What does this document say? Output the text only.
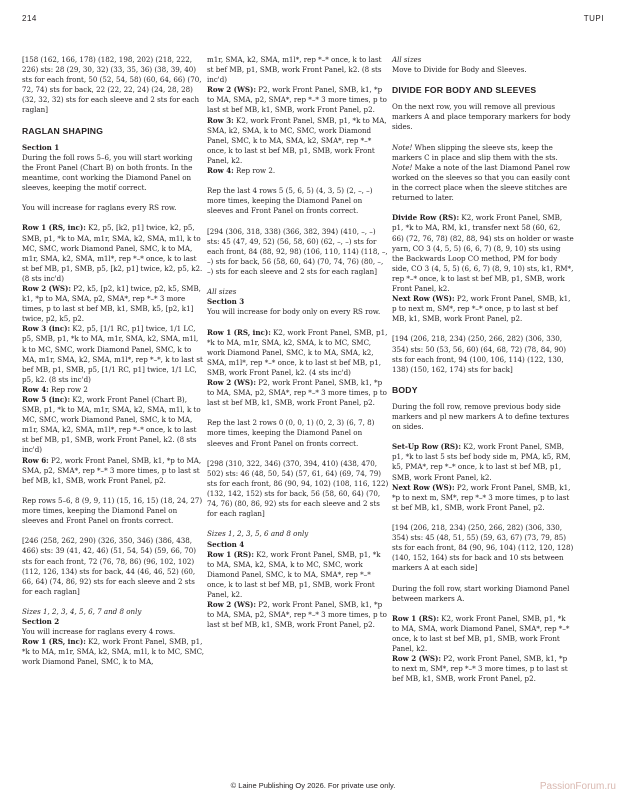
214	TUPI

[158 (162, 166, 178) (182, 198, 202) (218, 222, 226) sts: 28 (29, 30, 32) (33, 35, 36) (38, 39, 40) sts for each front, 50 (52, 54, 58) (60, 64, 66) (70, 72, 74) sts for back, 22 (22, 22, 24) (24, 28, 28) (32, 32, 32) sts for each sleeve and 2 sts for each raglan]

RAGLAN SHAPING
Section 1

During the foll rows 5–6, you will start working the Front Panel (Chart B) on both fronts. In the meantime, cont working the Diamond Panel on sleeves, keeping the motif correct.

You will increase for raglans every RS row.

Row 1 (RS, inc): K2, p5, [k2, p1] twice, k2, p5, SMB, p1, *k to MA, m1r, SMA, k2, SMA, m1l, k to MC, SMC, work Diamond Panel, SMC, k to MA, m1r, SMA, k2, SMA, m1l*, rep *–* once, k to last st bef MB, p1, SMB, p5, [k2, p1] twice, k2, p5, k2. (8 sts inc'd)

Row 2 (WS): P2, k5, [p2, k1] twice, p2, k5, SMB, k1, *p to MA, SMA, p2, SMA*, rep *–* 3 more times, p to last st bef MB, k1, SMB, k5, [p2, k1] twice, p2, k5, p2.

Row 3 (inc): K2, p5, [1/1 RC, p1] twice, 1/1 LC, p5, SMB, p1, *k to MA, m1r, SMA, k2, SMA, m1l, k to MC, SMC, work Diamond Panel, SMC, k to MA, m1r, SMA, k2, SMA, m1l*, rep *–*, k to last st bef MB, p1, SMB, p5, [1/1 RC, p1] twice, 1/1 LC, p5, k2. (8 sts inc'd)

Row 4: Rep row 2

Row 5 (inc): K2, work Front Panel (Chart B), SMB, p1, *k to MA, m1r, SMA, k2, SMA, m1l, k to MC, SMC, work Diamond Panel, SMC, k to MA, m1r, SMA, k2, SMA, m1l*, rep *–* once, k to last st bef MB, p1, SMB, work Front Panel, k2. (8 sts inc'd)

Row 6: P2, work Front Panel, SMB, k1, *p to MA, SMA, p2, SMA*, rep *–* 3 more times, p to last st bef MB, k1, SMB, work Front Panel, p2.

Rep rows 5–6, 8 (9, 9, 11) (15, 16, 15) (18, 24, 27) more times, keeping the Diamond Panel on sleeves and Front Panel on fronts correct.

[246 (258, 262, 290) (326, 350, 346) (386, 438, 466) sts: 39 (41, 42, 46) (51, 54, 54) (59, 66, 70) sts for each front, 72 (76, 78, 86) (96, 102, 102) (112, 126, 134) sts for back, 44 (46, 46, 52) (60, 66, 64) (74, 86, 92) sts for each sleeve and 2 sts for each raglan]

Sizes 1, 2, 3, 4, 5, 6, 7 and 8 only
Section 2

You will increase for raglans every 4 rows.

Row 1 (RS, inc): K2, work Front Panel, SMB, p1, *k to MA, m1r, SMA, k2, SMA, m1l, k to MC, SMC, work Diamond Panel, SMC, k to MA,

m1r, SMA, k2, SMA, m1l*, rep *–* once, k to last st bef MB, p1, SMB, work Front Panel, k2. (8 sts inc'd)

Row 2 (WS): P2, work Front Panel, SMB, k1, *p to MA, SMA, p2, SMA*, rep *–* 3 more times, p to last st bef MB, k1, SMB, work Front Panel, p2.

Row 3: K2, work Front Panel, SMB, p1, *k to MA, SMA, k2, SMA, k to MC, SMC, work Diamond Panel, SMC, k to MA, SMA, k2, SMA*, rep *–* once, k to last st bef MB, p1, SMB, work Front Panel, k2.

Row 4: Rep row 2.

Rep the last 4 rows 5 (5, 6, 5) (4, 3, 5) (2, –, –) more times, keeping the Diamond Panel on sleeves and Front Panel on fronts correct.

[294 (306, 318, 338) (366, 382, 394) (410, –, –) sts: 45 (47, 49, 52) (56, 58, 60) (62, –, –) sts for each front, 84 (88, 92, 98) (106, 110, 114) (118, –, –) sts for back, 56 (58, 60, 64) (70, 74, 76) (80, –, –) sts for each sleeve and 2 sts for each raglan]

All sizes
Section 3

You will increase for body only on every RS row.

Row 1 (RS, inc): K2, work Front Panel, SMB, p1, *k to MA, m1r, SMA, k2, SMA, k to MC, SMC, work Diamond Panel, SMC, k to MA, SMA, k2, SMA, m1l*, rep *–* once, k to last st bef MB, p1, SMB, work Front Panel, k2. (4 sts inc'd)

Row 2 (WS): P2, work Front Panel, SMB, k1, *p to MA, SMA, p2, SMA*, rep *–* 3 more times, p to last st bef MB, k1, SMB, work Front Panel, p2.

Rep the last 2 rows 0 (0, 0, 1) (0, 2, 3) (6, 7, 8) more times, keeping the Diamond Panel on sleeves and Front Panel on fronts correct.

[298 (310, 322, 346) (370, 394, 410) (438, 470, 502) sts: 46 (48, 50, 54) (57, 61, 64) (69, 74, 79) sts for each front, 86 (90, 94, 102) (108, 116, 122) (132, 142, 152) sts for back, 56 (58, 60, 64) (70, 74, 76) (80, 86, 92) sts for each sleeve and 2 sts for each raglan]

Sizes 1, 2, 3, 5, 6 and 8 only
Section 4

Row 1 (RS): K2, work Front Panel, SMB, p1, *k to MA, SMA, k2, SMA, k to MC, SMC, work Diamond Panel, SMC, k to MA, SMA*, rep *–* once, k to last st bef MB, p1, SMB, work Front Panel, k2.

Row 2 (WS): P2, work Front Panel, SMB, k1, *p to MA, SMA, p2, SMA*, rep *–* 3 more times, p to last st bef MB, k1, SMB, work Front Panel, p2.

All sizes

Move to Divide for Body and Sleeves.

DIVIDE FOR BODY AND SLEEVES

On the next row, you will remove all previous markers A and place temporary markers for body sides.

Note! When slipping the sleeve sts, keep the markers C in place and slip them with the sts.

Note! Make a note of the last Diamond Panel row worked on the sleeves so that you can easily cont in the correct place when the sleeve stitches are returned to later.

Divide Row (RS): K2, work Front Panel, SMB, p1, *k to MA, RM, k1, transfer next 58 (60, 62, 66) (72, 76, 78) (82, 88, 94) sts on holder or waste yarn, CO 3 (4, 5, 5) (6, 6, 7) (8, 9, 10) sts using the Backwards Loop CO method, PM for body side, CO 3 (4, 5, 5) (6, 6, 7) (8, 9, 10) sts, k1, RM*, rep *–* once, k to last st bef MB, p1, SMB, work Front Panel, k2.

Next Row (WS): P2, work Front Panel, SMB, k1, p to next m, SM*, rep *–* once, p to last st bef MB, k1, SMB, work Front Panel, p2.

[194 (206, 218, 234) (250, 266, 282) (306, 330, 354) sts: 50 (53, 56, 60) (64, 68, 72) (78, 84, 90) sts for each front, 94 (100, 106, 114) (122, 130, 138) (150, 162, 174) sts for back]

BODY

During the foll row, remove previous body side markers and pl new markers A to define textures on sides.

Set-Up Row (RS): K2, work Front Panel, SMB, p1, *k to last 5 sts bef body side m, PMA, k5, RM, k5, PMA*, rep *–* once, k to last st bef MB, p1, SMB, work Front Panel, k2.

Next Row (WS): P2, work Front Panel, SMB, k1, *p to next m, SM*, rep *–* 3 more times, p to last st bef MB, k1, SMB, work Front Panel, p2.

[194 (206, 218, 234) (250, 266, 282) (306, 330, 354) sts: 45 (48, 51, 55) (59, 63, 67) (73, 79, 85) sts for each front, 84 (90, 96, 104) (112, 120, 128) (140, 152, 164) sts for back and 10 sts between markers A at each side]

During the foll row, start working Diamond Panel between markers A.

Row 1 (RS): K2, work Front Panel, SMB, p1, *k to MA, SMA, work Diamond Panel, SMA*, rep *–* once, k to last st bef MB, p1, SMB, work Front Panel, k2.

Row 2 (WS): P2, work Front Panel, SMB, k1, *p to next m, SM*, rep *–* 3 more times, p to last st bef MB, k1, SMB, work Front Panel, p2.

© Laine Publishing Oy 2026. For private use only.	PassionForum.ru
